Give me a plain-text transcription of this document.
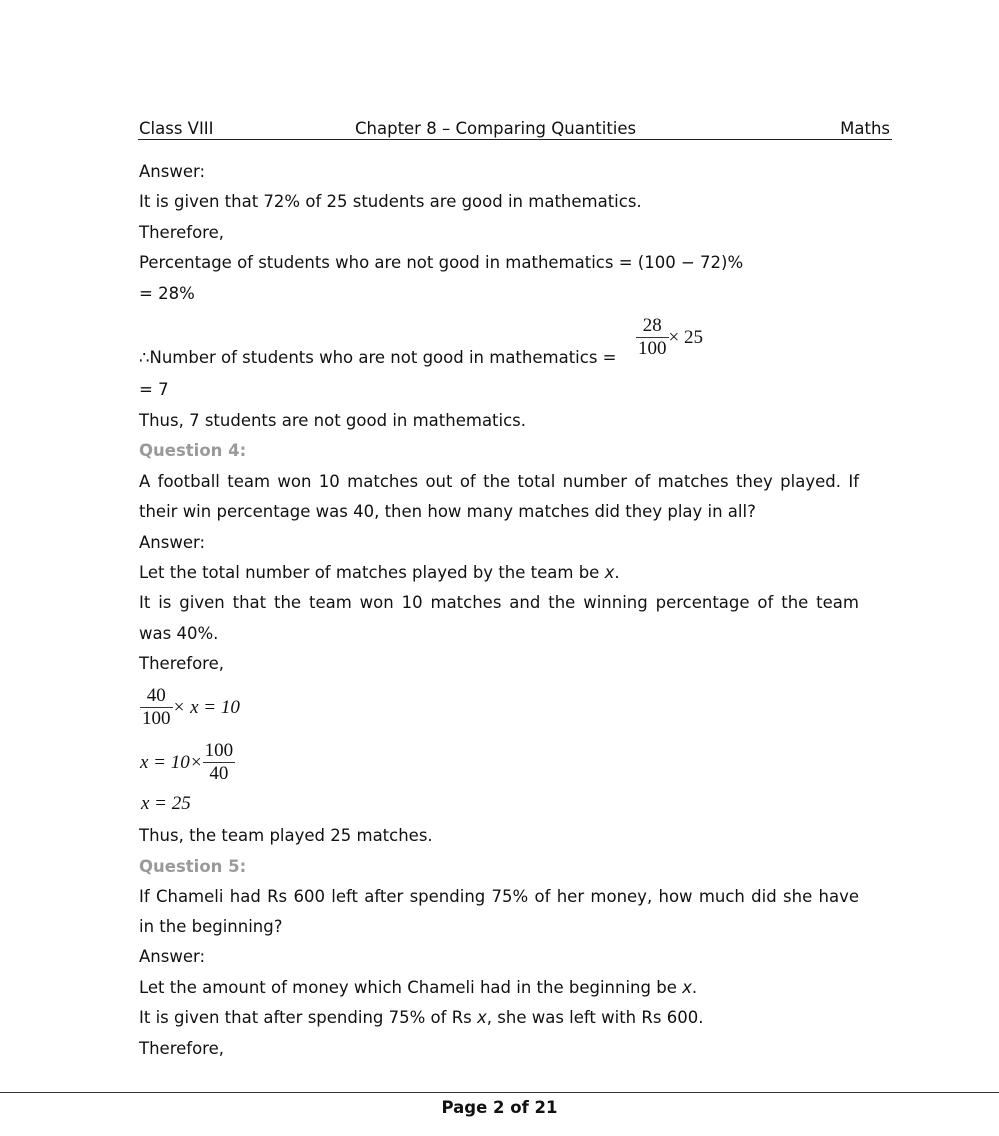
Class VIII	Chapter 8 – Comparing Quantities	Maths
Answer:
It is given that 72% of 25 students are good in mathematics.
Therefore,
Percentage of students who are not good in mathematics = (100 − 72)%
= 28%
∴Number of students who are not good in mathematics = $\frac{28}{100} \times 25$
= 7
Thus, 7 students are not good in mathematics.
Question 4:
A football team won 10 matches out of the total number of matches they played. If
their win percentage was 40, then how many matches did they play in all?
Answer:
Let the total number of matches played by the team be x.
It is given that the team won 10 matches and the winning percentage of the team
was 40%.
Therefore,
$\frac{40}{100} \times x = 10$
$x = 10\times \frac{100}{40}$
x = 25
Thus, the team played 25 matches.
Question 5:
If Chameli had Rs 600 left after spending 75% of her money, how much did she have
in the beginning?
Answer:
Let the amount of money which Chameli had in the beginning be x.
It is given that after spending 75% of Rs x, she was left with Rs 600.
Therefore,
Page 2 of 21
